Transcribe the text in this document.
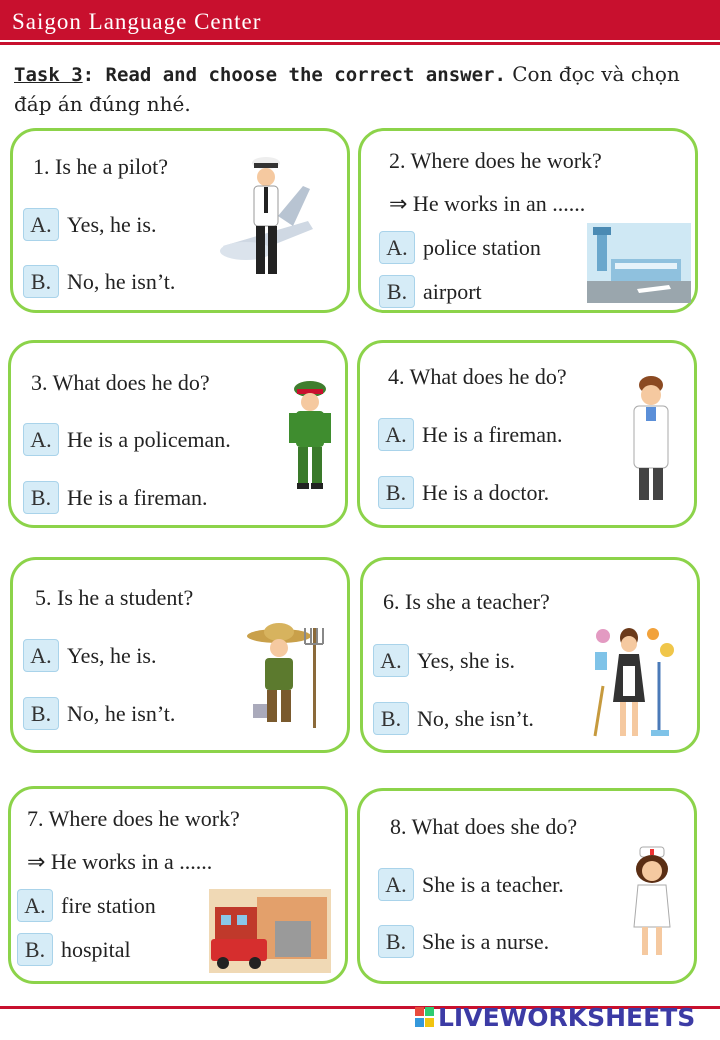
Saigon Language Center
Task 3: Read and choose the correct answer. Con đọc và chọn đáp án đúng nhé.
1. Is he a pilot?
A. Yes, he is.
B. No, he isn’t.
2. Where does he work?
⇒ He works in an ......
A. police station
B. airport
3. What does he do?
A. He is a policeman.
B. He is a fireman.
4. What does he do?
A. He is a fireman.
B. He is a doctor.
5. Is he a student?
A. Yes, he is.
B. No, he isn’t.
6. Is she a teacher?
A. Yes, she is.
B. No, she isn’t.
7. Where does he work?
⇒ He works in a ......
A. fire station
B. hospital
8. What does she do?
A. She is a teacher.
B. She is a nurse.
LIVEWORKSHEETS
